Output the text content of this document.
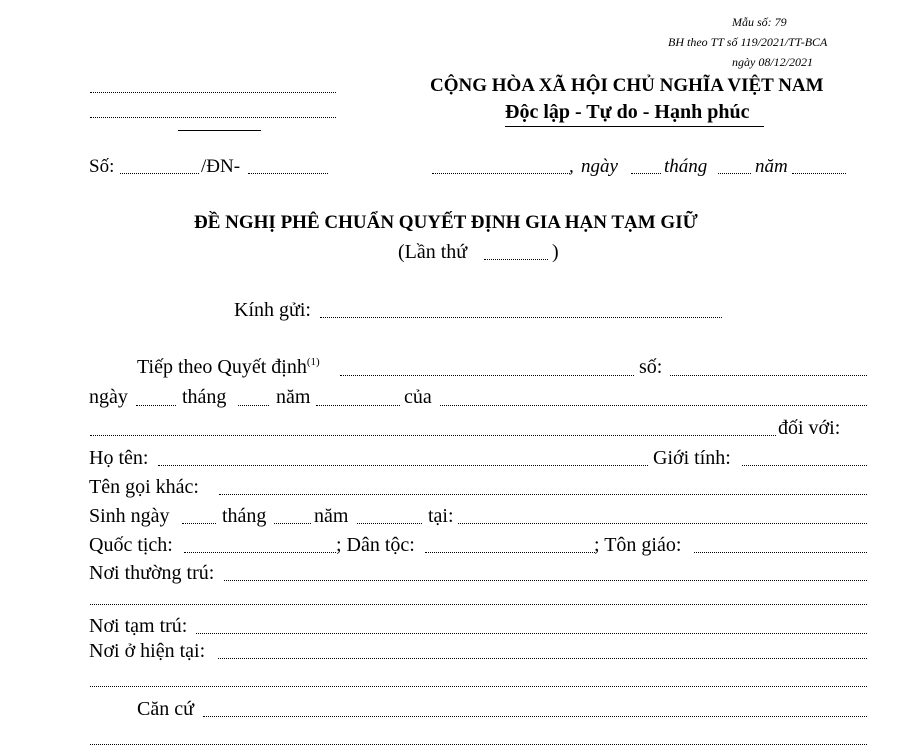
Mẫu số: 79
BH theo TT số 119/2021/TT-BCA
ngày 08/12/2021
CỘNG HÒA XÃ HỘI CHỦ NGHĨA VIỆT NAM
Độc lập - Tự do - Hạnh phúc
Số:	/ĐN-	, ngày tháng	năm
ĐỀ NGHỊ PHÊ CHUẨN QUYẾT ĐỊNH GIA HẠN TẠM GIỮ
(Lần thứ	)
Kính gửi:
Tiếp theo Quyết định$^{(1)}$	số:
ngày	tháng năm	của
đối với:
Họ tên:	Giới tính:
Tên gọi khác:
Sinh ngày	tháng năm	tại:
Quốc tịch:	; Dân tộc:	; Tôn giáo:
Nơi thường trú:
Nơi tạm trú:
Nơi ở hiện tại:
Căn cứ
